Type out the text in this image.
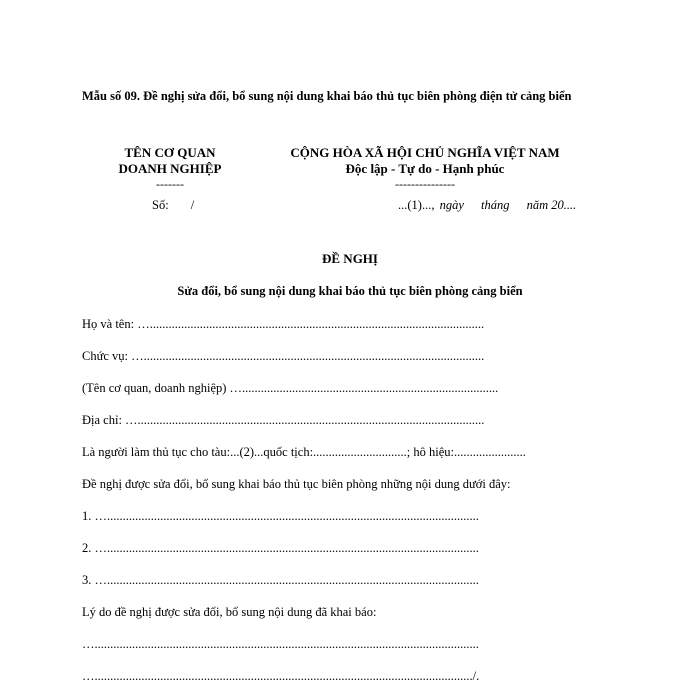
Mẫu số 09. Đề nghị sửa đổi, bổ sung nội dung khai báo thủ tục biên phòng điện tử cảng biển
TÊN CƠ QUAN
DOANH NGHIỆP
-------
CỘNG HÒA XÃ HỘI CHỦ NGHĨA VIỆT NAM
Độc lập - Tự do - Hạnh phúc
---------------
Số: /	...(1)..., ngày tháng năm 20....
ĐỀ NGHỊ
Sửa đổi, bổ sung nội dung khai báo thủ tục biên phòng cảng biển
Họ và tên: …...........................................................................................................
Chức vụ: ….............................................................................................................
(Tên cơ quan, doanh nghiệp) …..................................................................................
Địa chỉ: …...............................................................................................................
Là người làm thủ tục cho tàu:...(2)...quốc tịch:..............................; hô hiệu:.......................
Đề nghị được sửa đổi, bổ sung khai báo thủ tục biên phòng những nội dung dưới đây:
1. ….......................................................................................................................
2. ….......................................................................................................................
3. ….......................................................................................................................
Lý do đề nghị được sửa đổi, bổ sung nội dung đã khai báo:
…...........................................................................................................................
…........................................................................................................................./.
